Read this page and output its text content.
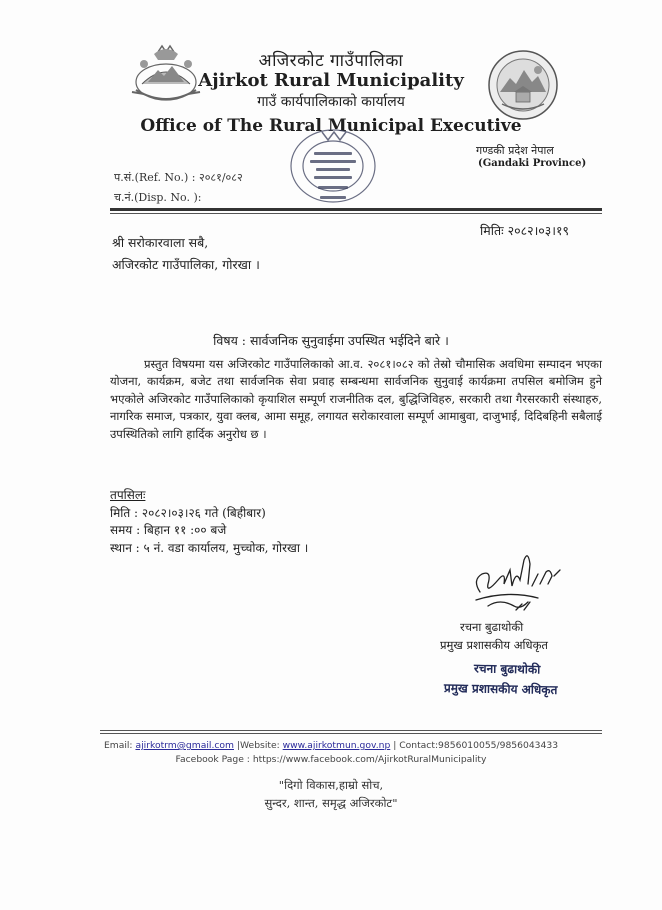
अजिरकोट गाउँपालिका
Ajirkot Rural Municipality
गाउँ कार्यपालिकाको कार्यालय
Office of The Rural Municipal Executive
गण्डकी प्रदेश नेपाल
(Gandaki Province)
प.सं.(Ref. No.) : २०८१/०८२
च.नं.(Disp. No. ):
मितिः २०८२।०३।१९
श्री सरोकारवाला सबै,
अजिरकोट गाउँपालिका, गोरखा ।
विषय : सार्वजनिक सुनुवाईमा उपस्थित भईदिने बारे ।

प्रस्तुत विषयमा यस अजिरकोट गाउँपालिकाको आ.व. २०८१।०८२ को तेस्रो चौमासिक अवधिमा सम्पादन भएका योजना, कार्यक्रम, बजेट तथा सार्वजनिक सेवा प्रवाह सम्बन्धमा सार्वजनिक सुनुवाई कार्यक्रमा तपसिल बमोजिम हुने भएकोले अजिरकोट गाउँपालिकाको कृयाशिल सम्पूर्ण राजनीतिक दल, बुद्धिजिविहरु, सरकारी तथा गैरसरकारी संस्थाहरु, नागरिक समाज, पत्रकार, युवा क्लब, आमा समूह, लगायत सरोकारवाला सम्पूर्ण आमाबुवा, दाजुभाई, दिदिबहिनी सबैलाई उपस्थितिको लागि हार्दिक अनुरोध छ ।

तपसिलः
मिति : २०८२।०३।२६ गते (बिहीबार)
समय : बिहान ११ :०० बजे
स्थान : ५ नं. वडा कार्यालय, मुच्चोक, गोरखा ।
रचना बुढाथोकी
प्रमुख प्रशासकीय अधिकृत
रचना बुढाथोकी
प्रमुख प्रशासकीय अधिकृत
Email: ajirkotrm@gmail.com |Website: www.ajirkotmun.gov.np | Contact:9856010055/9856043433
Facebook Page : https://www.facebook.com/AjirkotRuralMunicipality
"दिगो विकास,हाम्रो सोच,
सुन्दर, शान्त, समृद्ध अजिरकोट"
